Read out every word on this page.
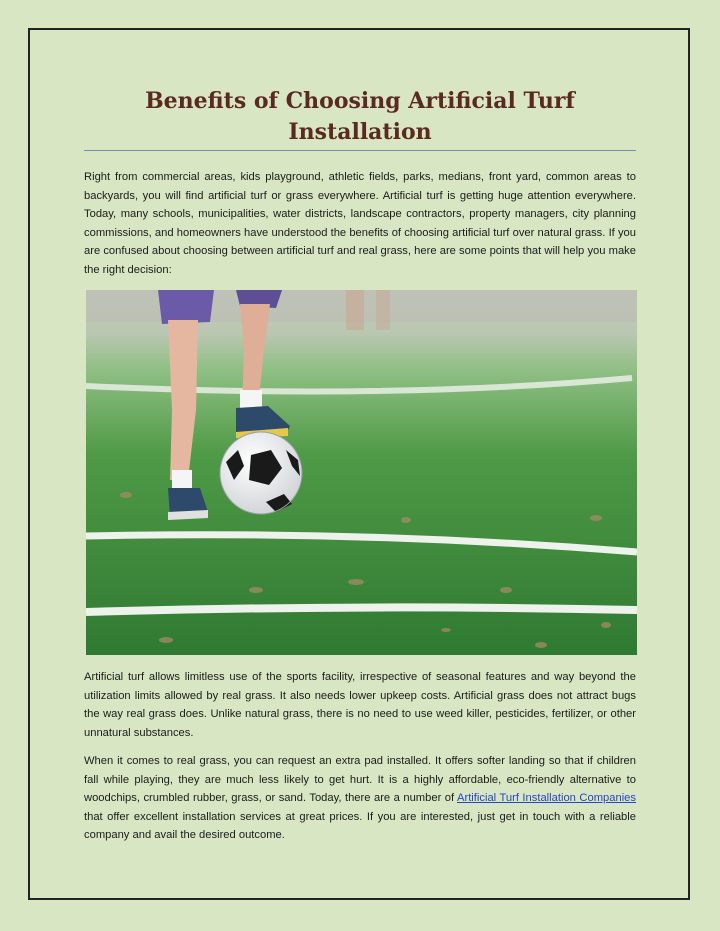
Benefits of Choosing Artificial Turf Installation

Right from commercial areas, kids playground, athletic fields, parks, medians, front yard, common areas to backyards, you will find artificial turf or grass everywhere. Artificial turf is getting huge attention everywhere. Today, many schools, municipalities, water districts, landscape contractors, property managers, city planning commissions, and homeowners have understood the benefits of choosing artificial turf over natural grass. If you are confused about choosing between artificial turf and real grass, here are some points that will help you make the right decision:

Artificial turf allows limitless use of the sports facility, irrespective of seasonal features and way beyond the utilization limits allowed by real grass. It also needs lower upkeep costs. Artificial grass does not attract bugs the way real grass does. Unlike natural grass, there is no need to use weed killer, pesticides, fertilizer, or other unnatural substances.

When it comes to real grass, you can request an extra pad installed. It offers softer landing so that if children fall while playing, they are much less likely to get hurt. It is a highly affordable, eco-friendly alternative to woodchips, crumbled rubber, grass, or sand. Today, there are a number of Artificial Turf Installation Companies that offer excellent installation services at great prices. If you are interested, just get in touch with a reliable company and avail the desired outcome.
